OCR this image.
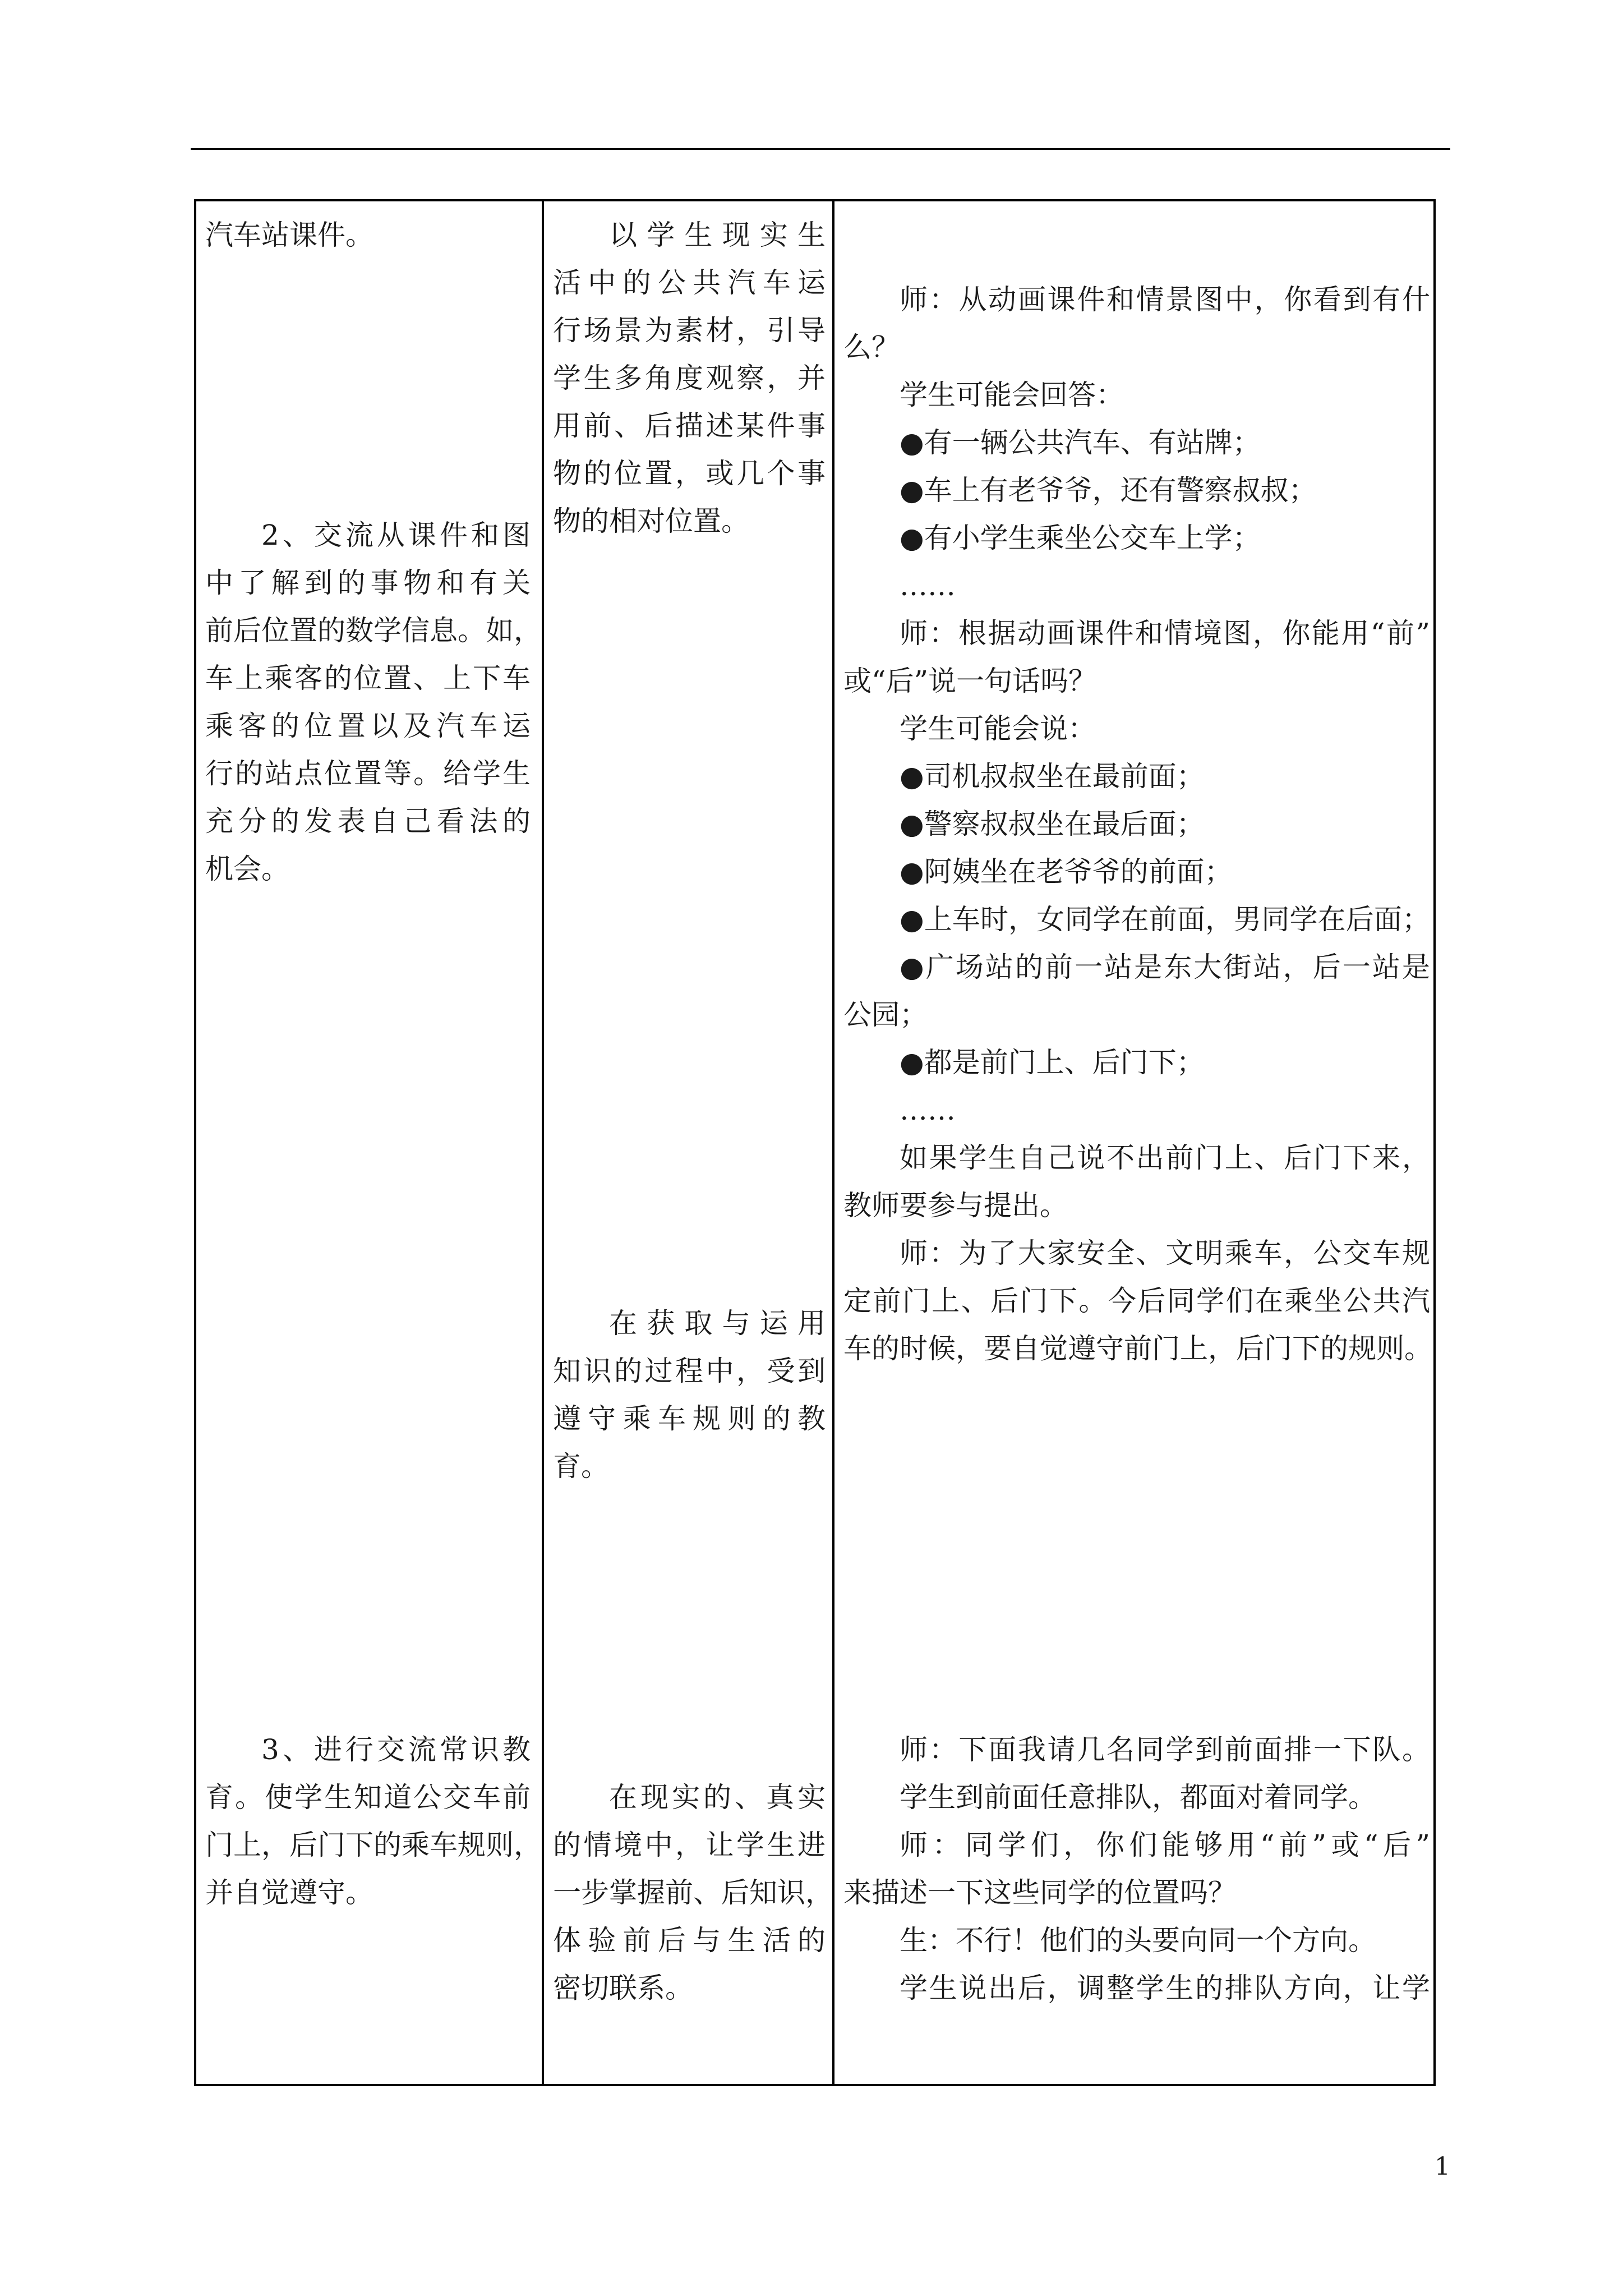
汽车站课件。
2、交流从课件和图
中了解到的事物和有关
前后位置的数学信息。如，
车上乘客的位置、上下车
乘客的位置以及汽车运
行的站点位置等。给学生
充分的发表自己看法的
机会。
3、进行交流常识教
育。使学生知道公交车前
门上，后门下的乘车规则，
并自觉遵守。
以学生现实生
活中的公共汽车运
行场景为素材，引导
学生多角度观察，并
用前、后描述某件事
物的位置，或几个事
物的相对位置。
在获取与运用
知识的过程中，受到
遵守乘车规则的教
育。
在现实的、真实
的情境中，让学生进
一步掌握前、后知识，
体验前后与生活的
密切联系。
师：从动画课件和情景图中，你看到有什
么？
学生可能会回答：
●有一辆公共汽车、有站牌；
●车上有老爷爷，还有警察叔叔；
●有小学生乘坐公交车上学；
……
师：根据动画课件和情境图，你能用“前”
或“后”说一句话吗？
学生可能会说：
●司机叔叔坐在最前面；
●警察叔叔坐在最后面；
●阿姨坐在老爷爷的前面；
●上车时，女同学在前面，男同学在后面；
●广场站的前一站是东大街站，后一站是
公园；
●都是前门上、后门下；
……
如果学生自己说不出前门上、后门下来，
教师要参与提出。
师：为了大家安全、文明乘车，公交车规
定前门上、后门下。今后同学们在乘坐公共汽
车的时候，要自觉遵守前门上，后门下的规则。
师：下面我请几名同学到前面排一下队。
学生到前面任意排队，都面对着同学。
师：同学们，你们能够用“前”或“后”
来描述一下这些同学的位置吗？
生：不行！他们的头要向同一个方向。
学生说出后，调整学生的排队方向，让学
1
